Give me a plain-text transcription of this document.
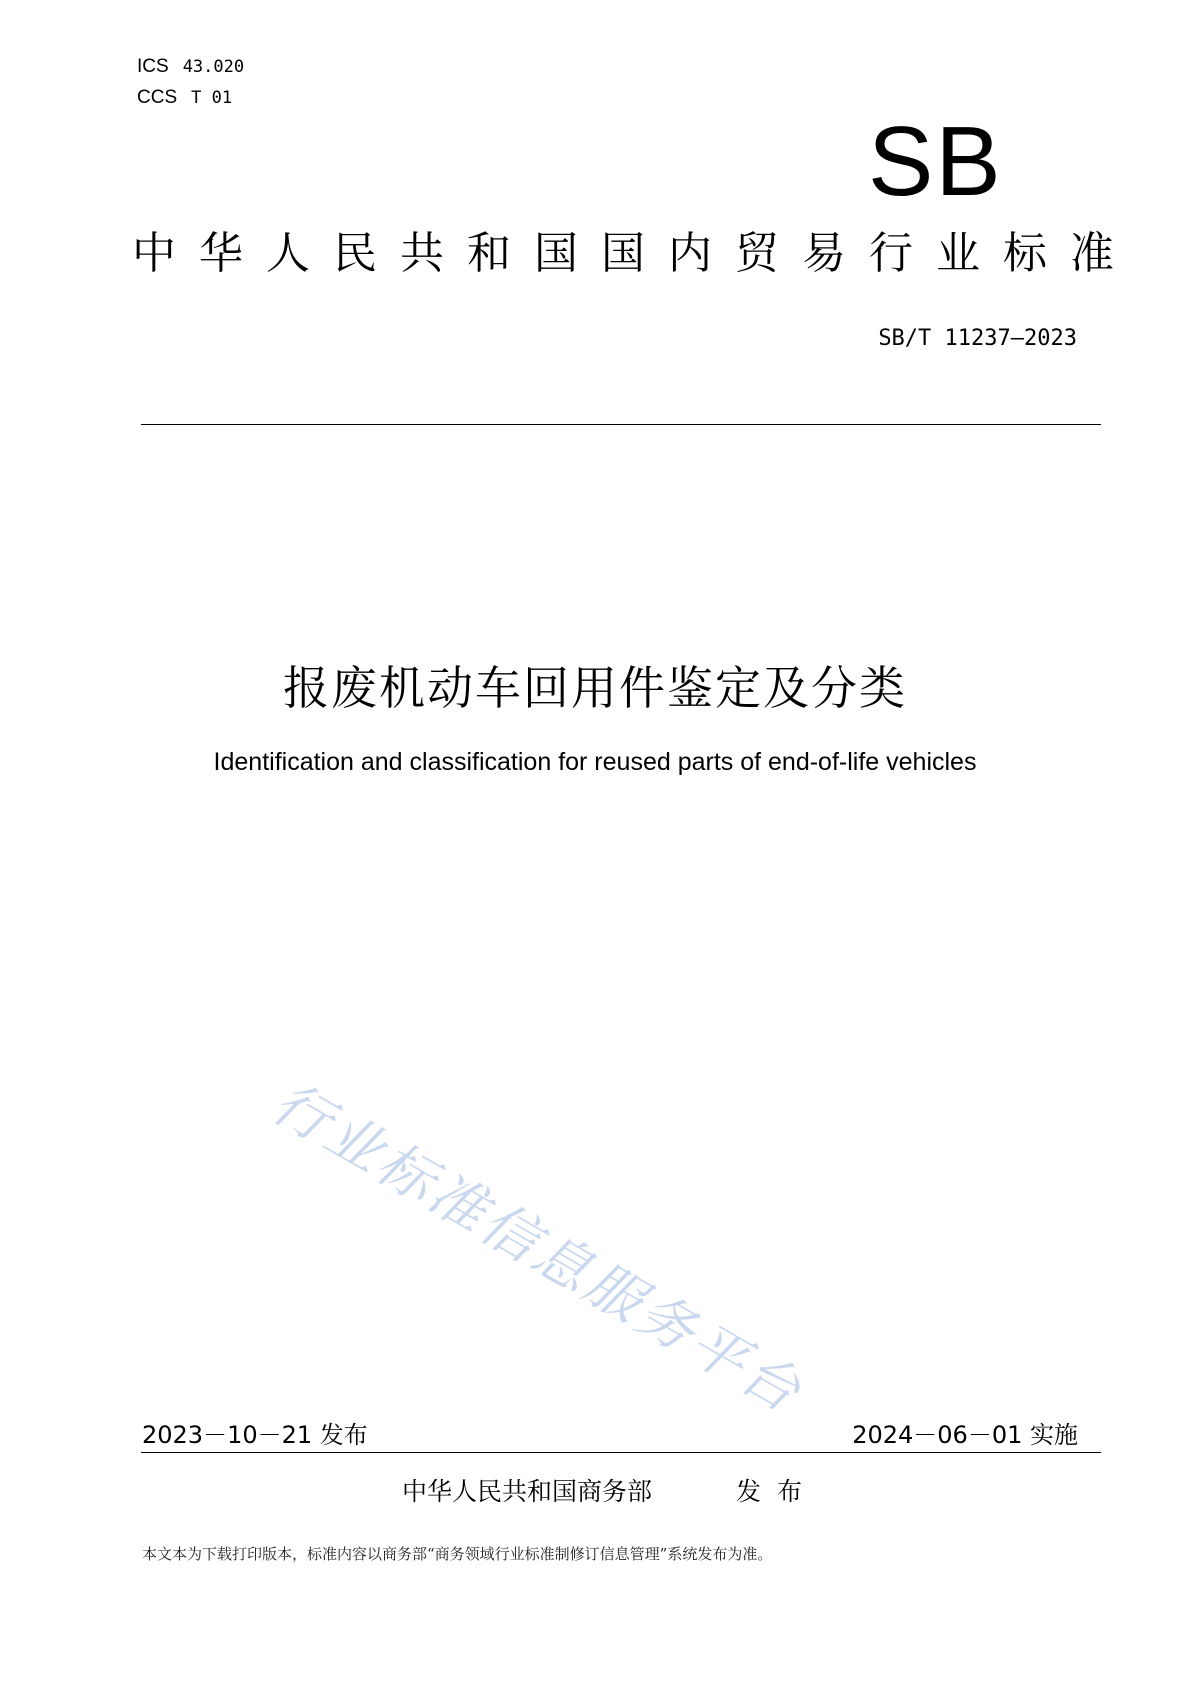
ICS 43.020
CCS T 01
SB
中华人民共和国国内贸易行业标准
SB/T 11237—2023
报废机动车回用件鉴定及分类
Identification and classification for reused parts of end-of-life vehicles
行业标准信息服务平台
2023－10－21 发布	2024－06－01 实施
中华人民共和国商务部	发布
本文本为下载打印版本，标准内容以商务部“商务领域行业标准制修订信息管理”系统发布为准。
